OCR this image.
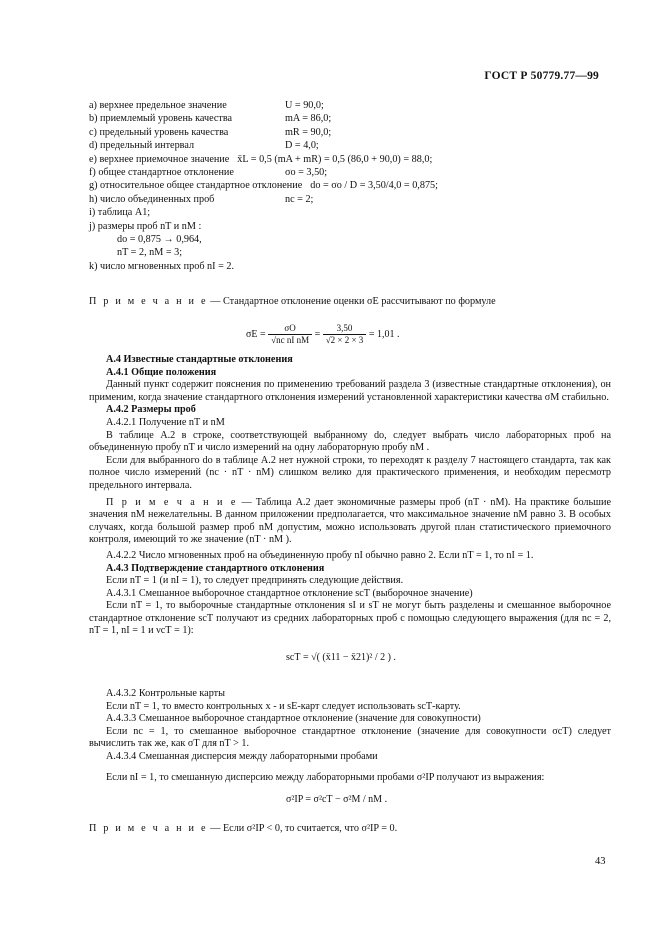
ГОСТ Р 50779.77—99
a) верхнее предельное значение	U = 90,0;
b) приемлемый уровень качества	mA = 86,0;
c) предельный уровень качества	mR = 90,0;
d) предельный интервал	D = 4,0;
e) верхнее приемочное значение x̄L = 0,5 (mA + mR) = 0,5 (86,0 + 90,0) = 88,0;
f) общее стандартное отклонение	σo = 3,50;
g) относительное общее стандартное отклонение do = σo / D = 3,50/4,0 = 0,875;
h) число объединенных проб	nc = 2;
i) таблица А1;
j) размеры проб nT и nM :
do = 0,875 → 0,964,
nT = 2, nM = 3;
k) число мгновенных проб nI = 2.
П р и м е ч а н и е — Стандартное отклонение оценки σE рассчитывают по формуле
$\sigma E = \frac{\sigma O}{\text{√nc nI nM}} = \frac{3,50}{√2 \times 2 \times 3} = 1,01$ .
А.4 Известные стандартные отклонения
А.4.1 Общие положения

Данный пункт содержит пояснения по применению требований раздела 3 (известные стандартные отклонения), он применим, когда значение стандартного отклонения измерений установленной характеристики качества σM стабильно.

А.4.2 Размеры проб
А.4.2.1 Получение nT и nM

В таблице А.2 в строке, соответствующей выбранному do, следует выбрать число лабораторных проб на объединенную пробу nT и число измерений на одну лабораторную пробу nM .

Если для выбранного do в таблице А.2 нет нужной строки, то переходят к разделу 7 настоящего стандарта, так как полное число измерений (nc · nT · nM) слишком велико для практического применения, и необходим пересмотр предельного интервала.

П р и м е ч а н и е — Таблица А.2 дает экономичные размеры проб (nT · nM). На практике большие значения nM нежелательны. В данном приложении предполагается, что максимальное значение nM равно 3. В особых случаях, когда большой размер проб nM допустим, можно использовать другой план статистического приемочного контроля, имеющий то же значение (nT · nM ).

А.4.2.2 Число мгновенных проб на объединенную пробу nI обычно равно 2. Если nT = 1, то nI = 1.

А.4.3 Подтверждение стандартного отклонения

Если nT = 1 (и nI = 1), то следует предпринять следующие действия.

А.4.3.1 Смешанное выборочное стандартное отклонение sсТ (выборочное значение)

Если nT = 1, то выборочные стандартные отклонения sI и sT не могут быть разделены и смешанное выборочное стандартное отклонение sсТ получают из средних лабораторных проб с помощью следующего выражения (для nc = 2, nT = 1, nI = 1 и νсТ = 1):

sсТ = √( (x̄11 − x̄21)² / 2 ) .
А.4.3.2 Контрольные карты

Если nT = 1, то вместо контрольных x - и sE-карт следует использовать sсТ-карту.

А.4.3.3 Смешанное выборочное стандартное отклонение (значение для совокупности)

Если nc = 1, то смешанное выборочное стандартное отклонение (значение для совокупности σсТ) следует вычислить так же, как σT для nT > 1.

А.4.3.4 Смешанная дисперсия между лабораторными пробами

Если nI = 1, то смешанную дисперсию между лабораторными пробами σ²IP получают из выражения:

σ²IP = σ²сТ − σ²M / nM .
П р и м е ч а н и е — Если σ²IP < 0, то считается, что σ²IP = 0.
43
